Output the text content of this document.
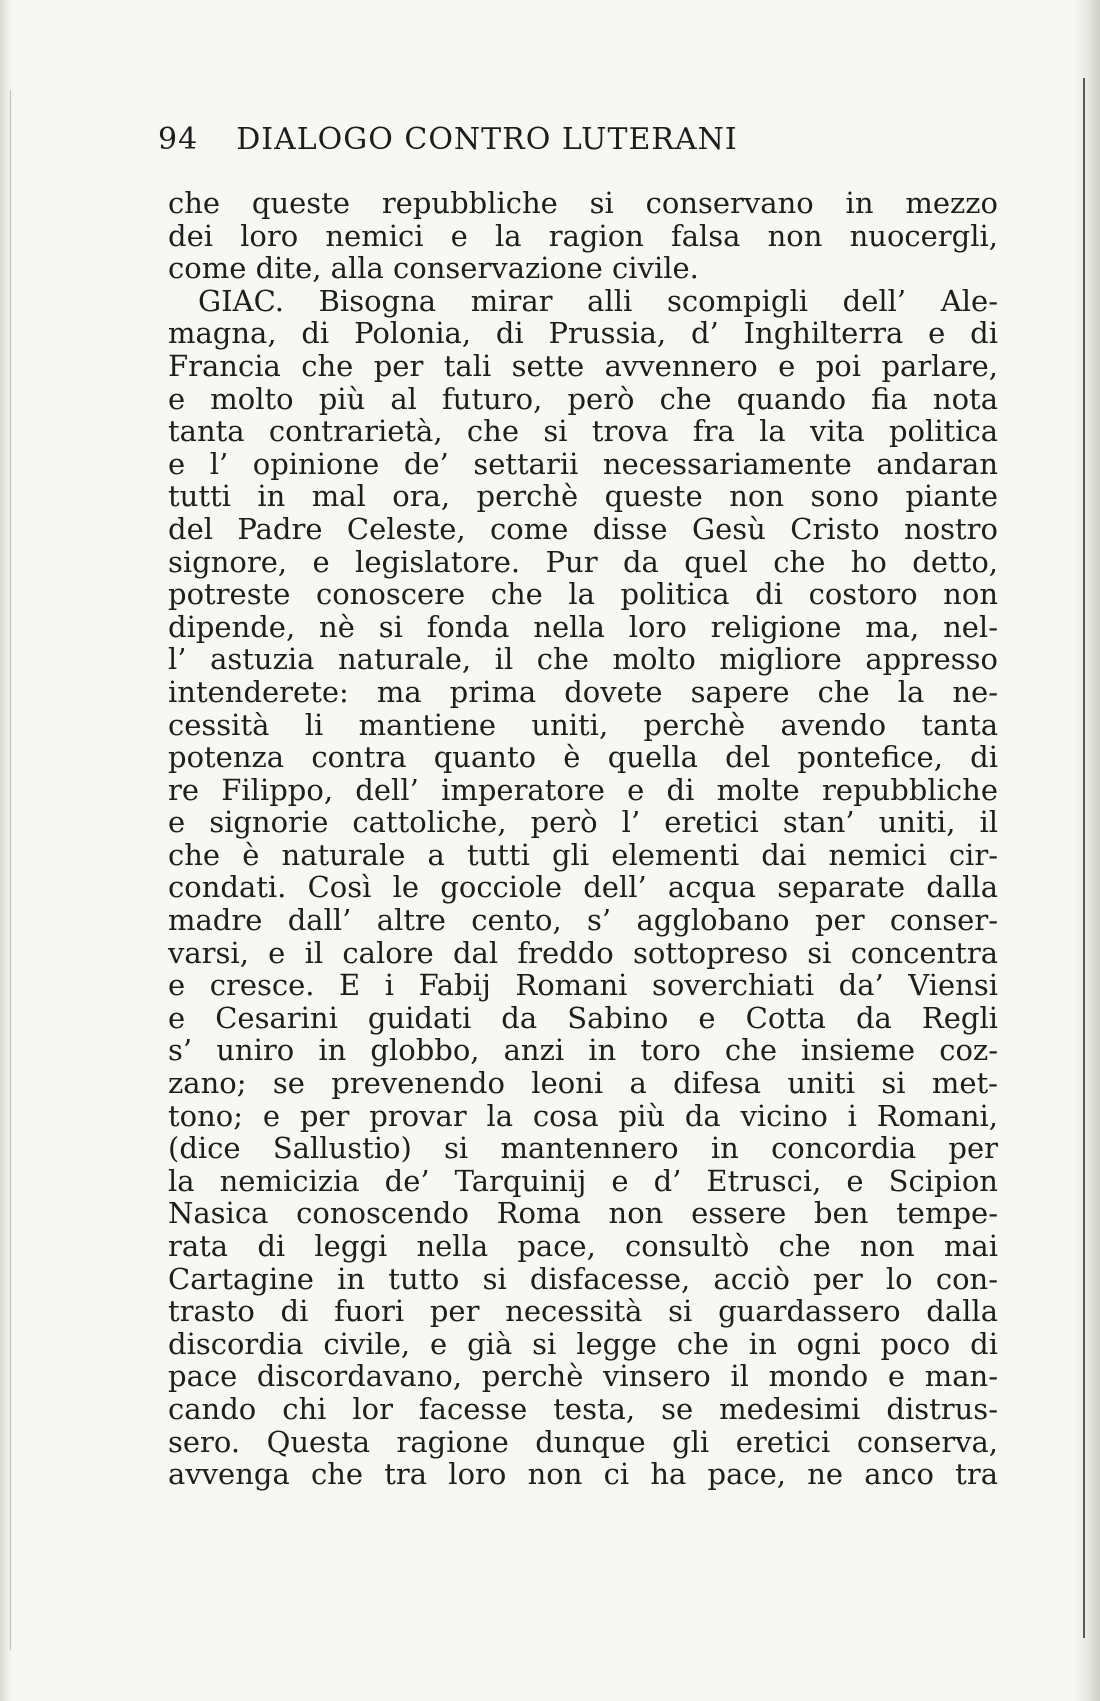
94 DIALOGO CONTRO LUTERANI
che queste repubbliche si conservano in mezzo
dei loro nemici e la ragion falsa non nuocergli,
come dite, alla conservazione civile.
GIAC. Bisogna mirar alli scompigli dell’ Ale-
magna, di Polonia, di Prussia, d’ Inghilterra e di
Francia che per tali sette avvennero e poi parlare,
e molto più al futuro, però che quando fia nota
tanta contrarietà, che si trova fra la vita politica
e l’ opinione de’ settarii necessariamente andaran
tutti in mal ora, perchè queste non sono piante
del Padre Celeste, come disse Gesù Cristo nostro
signore, e legislatore. Pur da quel che ho detto,
potreste conoscere che la politica di costoro non
dipende, nè si fonda nella loro religione ma, nel-
l’ astuzia naturale, il che molto migliore appresso
intenderete: ma prima dovete sapere che la ne-
cessità li mantiene uniti, perchè avendo tanta
potenza contra quanto è quella del pontefice, di
re Filippo, dell’ imperatore e di molte repubbliche
e signorie cattoliche, però l’ eretici stan’ uniti, il
che è naturale a tutti gli elementi dai nemici cir-
condati. Così le gocciole dell’ acqua separate dalla
madre dall’ altre cento, s’ agglobano per conser-
varsi, e il calore dal freddo sottopreso si concentra
e cresce. E i Fabij Romani soverchiati da’ Viensi
e Cesarini guidati da Sabino e Cotta da Regli
s’ uniro in globbo, anzi in toro che insieme coz-
zano; se prevenendo leoni a difesa uniti si met-
tono; e per provar la cosa più da vicino i Romani,
(dice Sallustio) si mantennero in concordia per
la nemicizia de’ Tarquinij e d’ Etrusci, e Scipion
Nasica conoscendo Roma non essere ben tempe-
rata di leggi nella pace, consultò che non mai
Cartagine in tutto si disfacesse, acciò per lo con-
trasto di fuori per necessità si guardassero dalla
discordia civile, e già si legge che in ogni poco di
pace discordavano, perchè vinsero il mondo e man-
cando chi lor facesse testa, se medesimi distrus-
sero. Questa ragione dunque gli eretici conserva,
avvenga che tra loro non ci ha pace, ne anco tra
